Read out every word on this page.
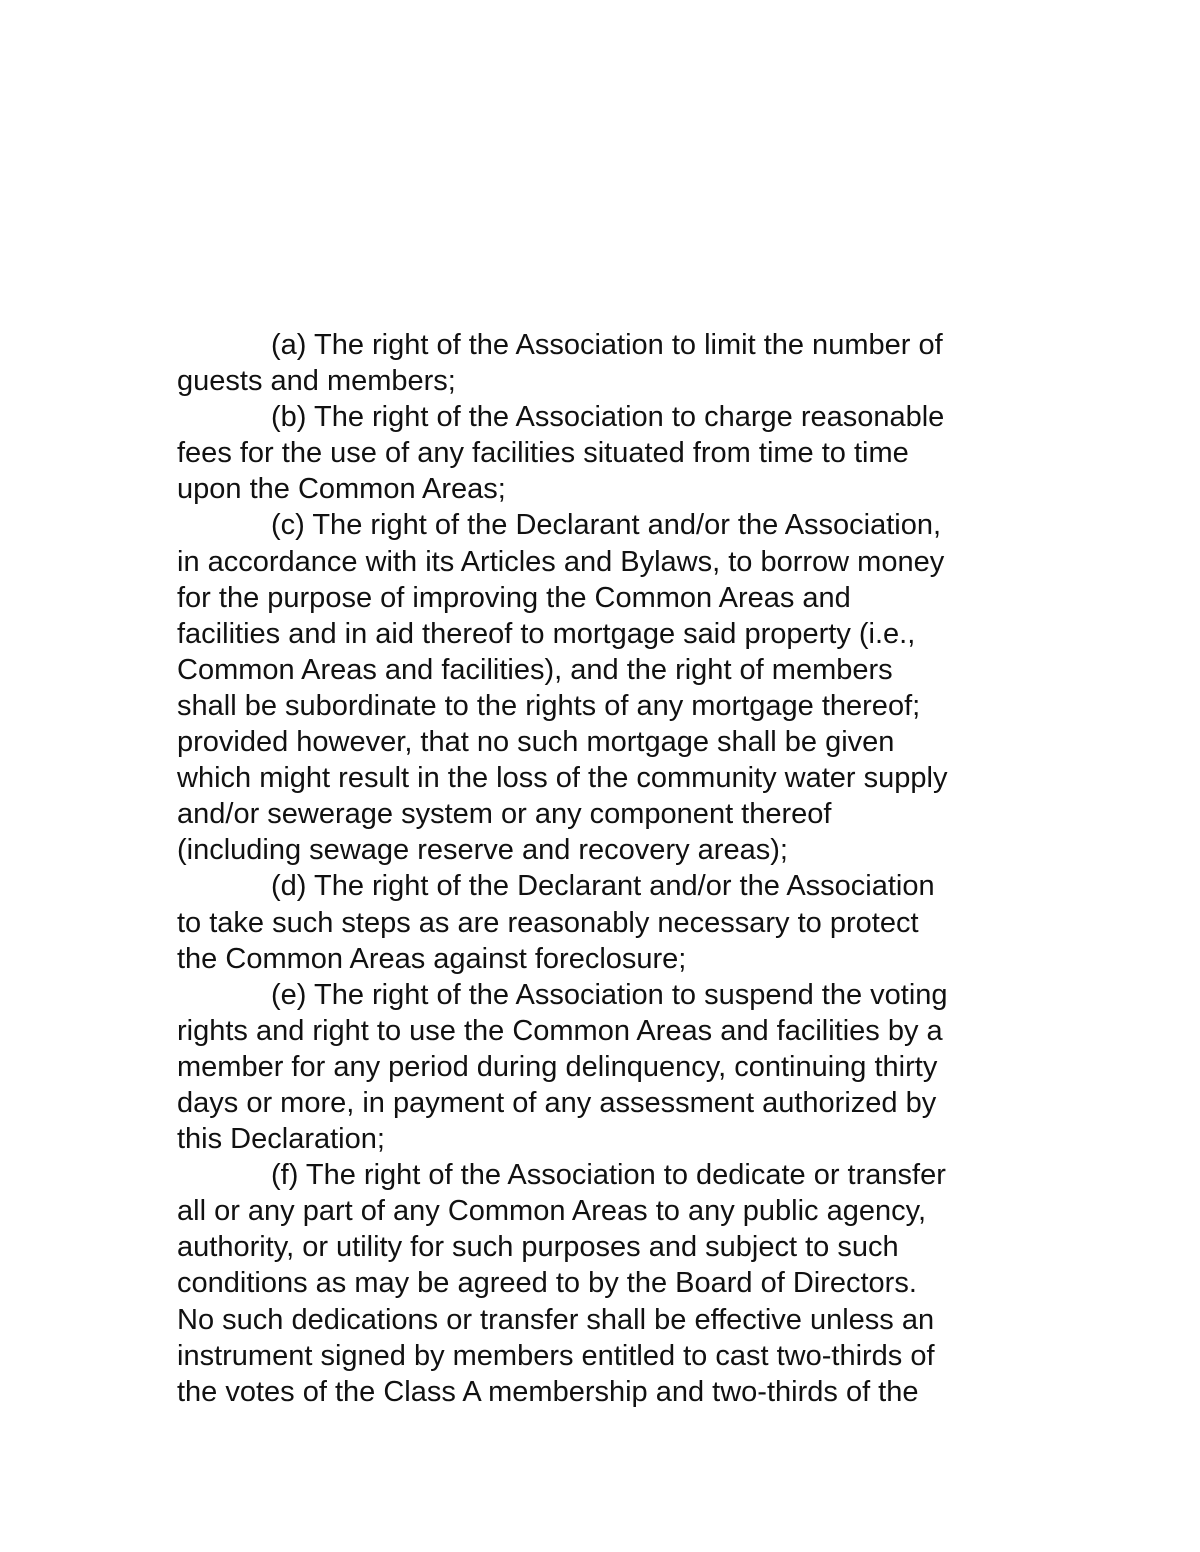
(a) The right of the Association to limit the number of
guests and members;
(b) The right of the Association to charge reasonable
fees for the use of any facilities situated from time to time
upon the Common Areas;
(c) The right of the Declarant and/or the Association,
in accordance with its Articles and Bylaws, to borrow money
for the purpose of improving the Common Areas and
facilities and in aid thereof to mortgage said property (i.e.,
Common Areas and facilities), and the right of members
shall be subordinate to the rights of any mortgage thereof;
provided however, that no such mortgage shall be given
which might result in the loss of the community water supply
and/or sewerage system or any component thereof
(including sewage reserve and recovery areas);
(d) The right of the Declarant and/or the Association
to take such steps as are reasonably necessary to protect
the Common Areas against foreclosure;
(e) The right of the Association to suspend the voting
rights and right to use the Common Areas and facilities by a
member for any period during delinquency, continuing thirty
days or more, in payment of any assessment authorized by
this Declaration;
(f) The right of the Association to dedicate or transfer
all or any part of any Common Areas to any public agency,
authority, or utility for such purposes and subject to such
conditions as may be agreed to by the Board of Directors.
No such dedications or transfer shall be effective unless an
instrument signed by members entitled to cast two-thirds of
the votes of the Class A membership and two-thirds of the
